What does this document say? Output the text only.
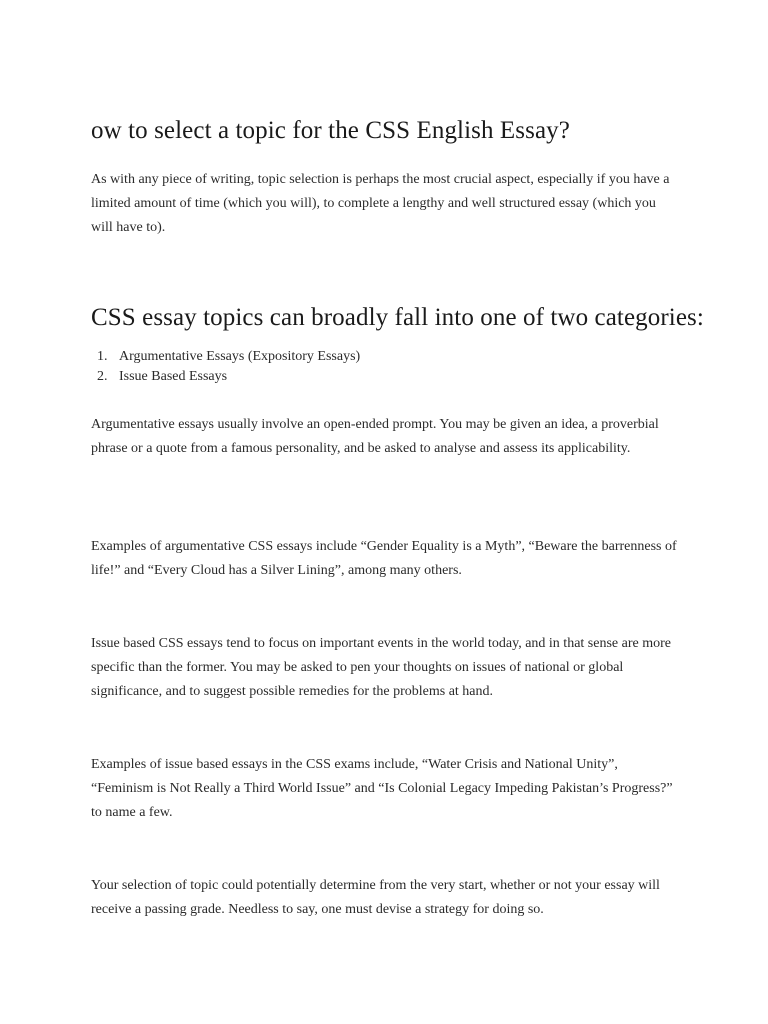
ow to select a topic for the CSS English Essay?

As with any piece of writing, topic selection is perhaps the most crucial aspect, especially if you have a limited amount of time (which you will), to complete a lengthy and well structured essay (which you will have to).

CSS essay topics can broadly fall into one of two categories:
1. Argumentative Essays (Expository Essays)
2. Issue Based Essays

Argumentative essays usually involve an open-ended prompt. You may be given an idea, a proverbial phrase or a quote from a famous personality, and be asked to analyse and assess its applicability.

Examples of argumentative CSS essays include “Gender Equality is a Myth”, “Beware the barrenness of life!” and “Every Cloud has a Silver Lining”, among many others.

Issue based CSS essays tend to focus on important events in the world today, and in that sense are more specific than the former. You may be asked to pen your thoughts on issues of national or global significance, and to suggest possible remedies for the problems at hand.

Examples of issue based essays in the CSS exams include, “Water Crisis and National Unity”, “Feminism is Not Really a Third World Issue” and “Is Colonial Legacy Impeding Pakistan’s Progress?” to name a few.

Your selection of topic could potentially determine from the very start, whether or not your essay will receive a passing grade. Needless to say, one must devise a strategy for doing so.
